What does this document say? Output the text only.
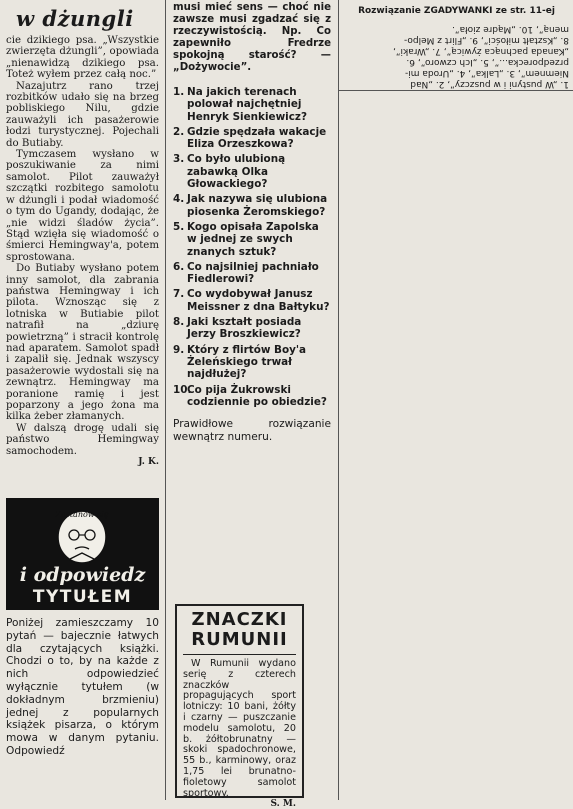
w dżungli

cie dzikiego psa. „Wszystkie zwierzęta dżungli”, opowiada „nienawidzą dzikiego psa. Toteż wyłem przez całą noc.”

Nazajutrz rano trzej rozbitków udało się na brzeg pobliskiego Nilu, gdzie zauważyli ich pasażerowie łodzi turystycznej. Pojechali do Butiaby.

Tymczasem wysłano w poszukiwanie za nimi samolot. Pilot zauważył szczątki rozbitego samolotu w dżungli i podał wiadomość o tym do Ugandy, dodając, że „nie widzi śladów życia”. Stąd wzięła się wiadomość o śmierci Hemingway'a, potem sprostowana.

Do Butiaby wysłano potem inny samolot, dla zabrania państwa Hemingway i ich pilota. Wznosząc się z lotniska w Butiabie pilot natrafił na „dziurę powietrzną” i stracił kontrolę nad aparatem. Samolot spadł i zapalił się. Jednak wszyscy pasażerowie wydostali się na zewnątrz. Hemingway ma poranione ramię i jest poparzony a jego żona ma kilka żeber złamanych.

W dalszą drogę udali się państwo Hemingway samochodem.

J. K.
Zastanów się
i odpowiedz
TYTUŁEM
Poniżej zamieszczamy 10 pytań — bajecznie łatwych dla czytających książki. Chodzi o to, by na każde z nich odpowiedzieć wyłącznie tytułem (w dokładnym brzmieniu) jednej z popularnych książek pisarza, o którym mowa w danym pytaniu. Odpowiedź

musi mieć sens — choć nie zawsze musi zgadzać się z rzeczywistością. Np. Co zapewniło Fredrze spokojną starość? — „Dożywocie”.

1. Na jakich terenach polował najchętniej Henryk Sienkiewicz?
2. Gdzie spędzała wakacje Eliza Orzeszkowa?
3. Co było ulubioną zabawką Olka Głowackiego?
4. Jak nazywa się ulubiona piosenka Żeromskiego?
5. Kogo opisała Zapolska w jednej ze swych znanych sztuk?
6. Co najsilniej pachniało Fiedlerowi?
7. Co wydobywał Janusz Meissner z dna Bałtyku?
8. Jaki kształt posiada Jerzy Broszkiewicz?
9. Który z flirtów Boy'a Żeleńskiego trwał najdłużej?
10.
Co pija Żukrowski codziennie po obiedzie?
Prawidłowe rozwiązanie wewnątrz numeru.
Rozwiązanie ZGADYWANKI ze str. 11-ej
1. „W pustyni i w puszczy”, 2. „Nad
Niemnem”, 3. „Lalka”, 4. „Uroda mi-
przedporecka...”, 5. „Ich czworo”, 6.
„Kanada pachnąca żywicą”, 7. „Wraki”,
8. „Kształt miłości”, 9. „Flirt z Melpo-
meną”, 10. „Mądre zioła”.
ZNACZKI
RUMUNII
W Rumunii wydano serię z czterech znaczków propagujących sport lotniczy: 10 bani, żółty i czarny — puszczanie modelu samolotu, 20 b. żółtobrunatny — skoki spadochronowe, 55 b., karminowy, oraz 1,75 lei brunatno-fioletowy samolot sportowy.
S. M.
